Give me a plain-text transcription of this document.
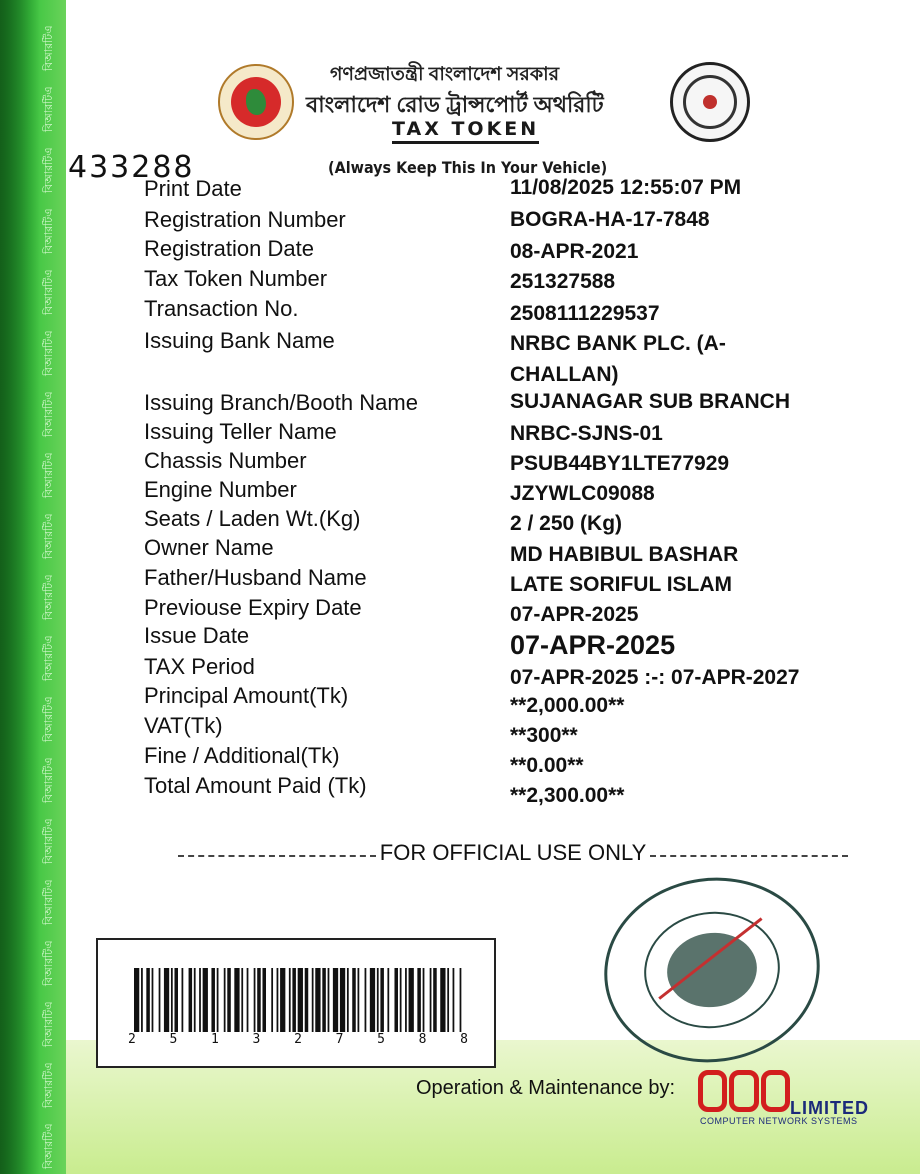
বিআরটিএ
বিআরটিএ
বিআরটিএ
বিআরটিএ
বিআরটিএ
বিআরটিএ
বিআরটিএ
বিআরটিএ
বিআরটিএ
বিআরটিএ
বিআরটিএ
বিআরটিএ
বিআরটিএ
বিআরটিএ
বিআরটিএ
বিআরটিএ
বিআরটিএ
বিআরটিএ
বিআরটিএ
গণপ্রজাতন্ত্রী বাংলাদেশ সরকার
বাংলাদেশ রোড ট্রান্সপোর্ট অথরিটি
TAX TOKEN
433288	(Always Keep This In Your Vehicle)
Print Date	11/08/2025 12:55:07 PM
Registration Number	BOGRA-HA-17-7848
Registration Date	08-APR-2021
Tax Token Number	251327588
Transaction No.	2508111229537
Issuing Bank Name	NRBC BANK PLC. (A-
CHALLAN)
Issuing Branch/Booth Name	SUJANAGAR SUB BRANCH
Issuing Teller Name	NRBC-SJNS-01
Chassis Number	PSUB44BY1LTE77929
Engine Number	JZYWLC09088
Seats / Laden Wt.(Kg)	2 / 250 (Kg)
Owner Name	MD HABIBUL BASHAR
Father/Husband Name	LATE SORIFUL ISLAM
Previouse Expiry Date	07-APR-2025
Issue Date	07-APR-2025
TAX Period	07-APR-2025 :-: 07-APR-2027
Principal Amount(Tk)	**2,000.00**
VAT(Tk)	**300**
Fine / Additional(Tk)	**0.00**
Total Amount Paid (Tk)	**2,300.00**
FOR OFFICIAL USE ONLY
2	5	1	3	2	7	5	8	8
Operation & Maintenance by:
LIMITED
COMPUTER NETWORK SYSTEMS
